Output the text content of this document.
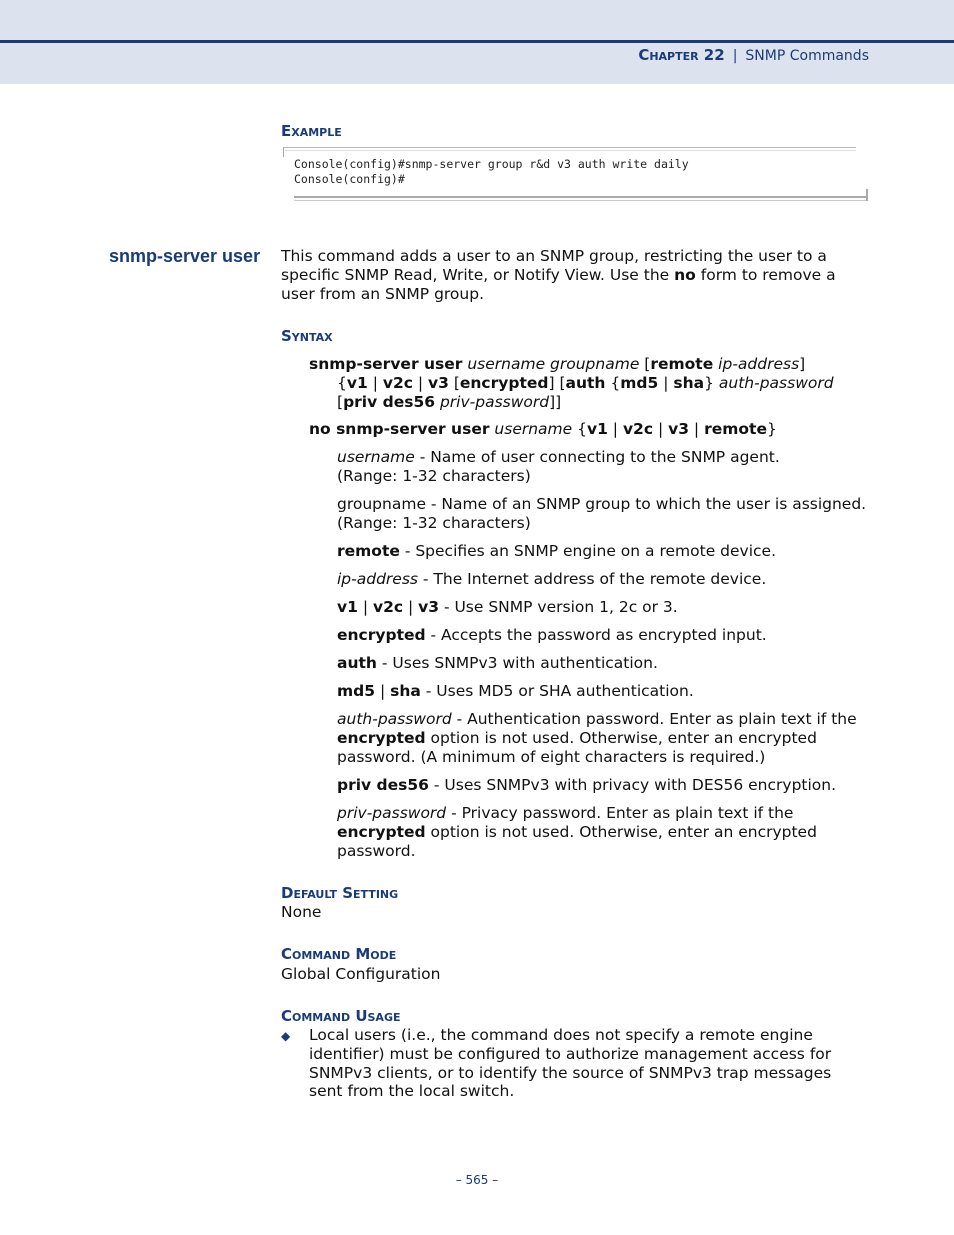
Chapter 22 | SNMP Commands
Example
Console(config)#snmp-server group r&d v3 auth write daily
Console(config)#
snmp-server user This command adds a user to an SNMP group, restricting the user to a
specific SNMP Read, Write, or Notify View. Use the no form to remove a
user from an SNMP group.
Syntax
snmp-server user username groupname [remote ip-address]
{v1 | v2c | v3 [encrypted] [auth {md5 | sha} auth-password
[priv des56 priv-password]]
no snmp-server user username {v1 | v2c | v3 | remote}
username - Name of user connecting to the SNMP agent.
(Range: 1-32 characters)
groupname - Name of an SNMP group to which the user is assigned.
(Range: 1-32 characters)
remote - Specifies an SNMP engine on a remote device.
ip-address - The Internet address of the remote device.
v1 | v2c | v3 - Use SNMP version 1, 2c or 3.
encrypted - Accepts the password as encrypted input.
auth - Uses SNMPv3 with authentication.
md5 | sha - Uses MD5 or SHA authentication.
auth-password - Authentication password. Enter as plain text if the
encrypted option is not used. Otherwise, enter an encrypted
password. (A minimum of eight characters is required.)
priv des56 - Uses SNMPv3 with privacy with DES56 encryption.
priv-password - Privacy password. Enter as plain text if the
encrypted option is not used. Otherwise, enter an encrypted
password.
Default Setting
None
Command Mode
Global Configuration
Command Usage
◆ Local users (i.e., the command does not specify a remote engine
identifier) must be configured to authorize management access for
SNMPv3 clients, or to identify the source of SNMPv3 trap messages
sent from the local switch.
– 565 –
